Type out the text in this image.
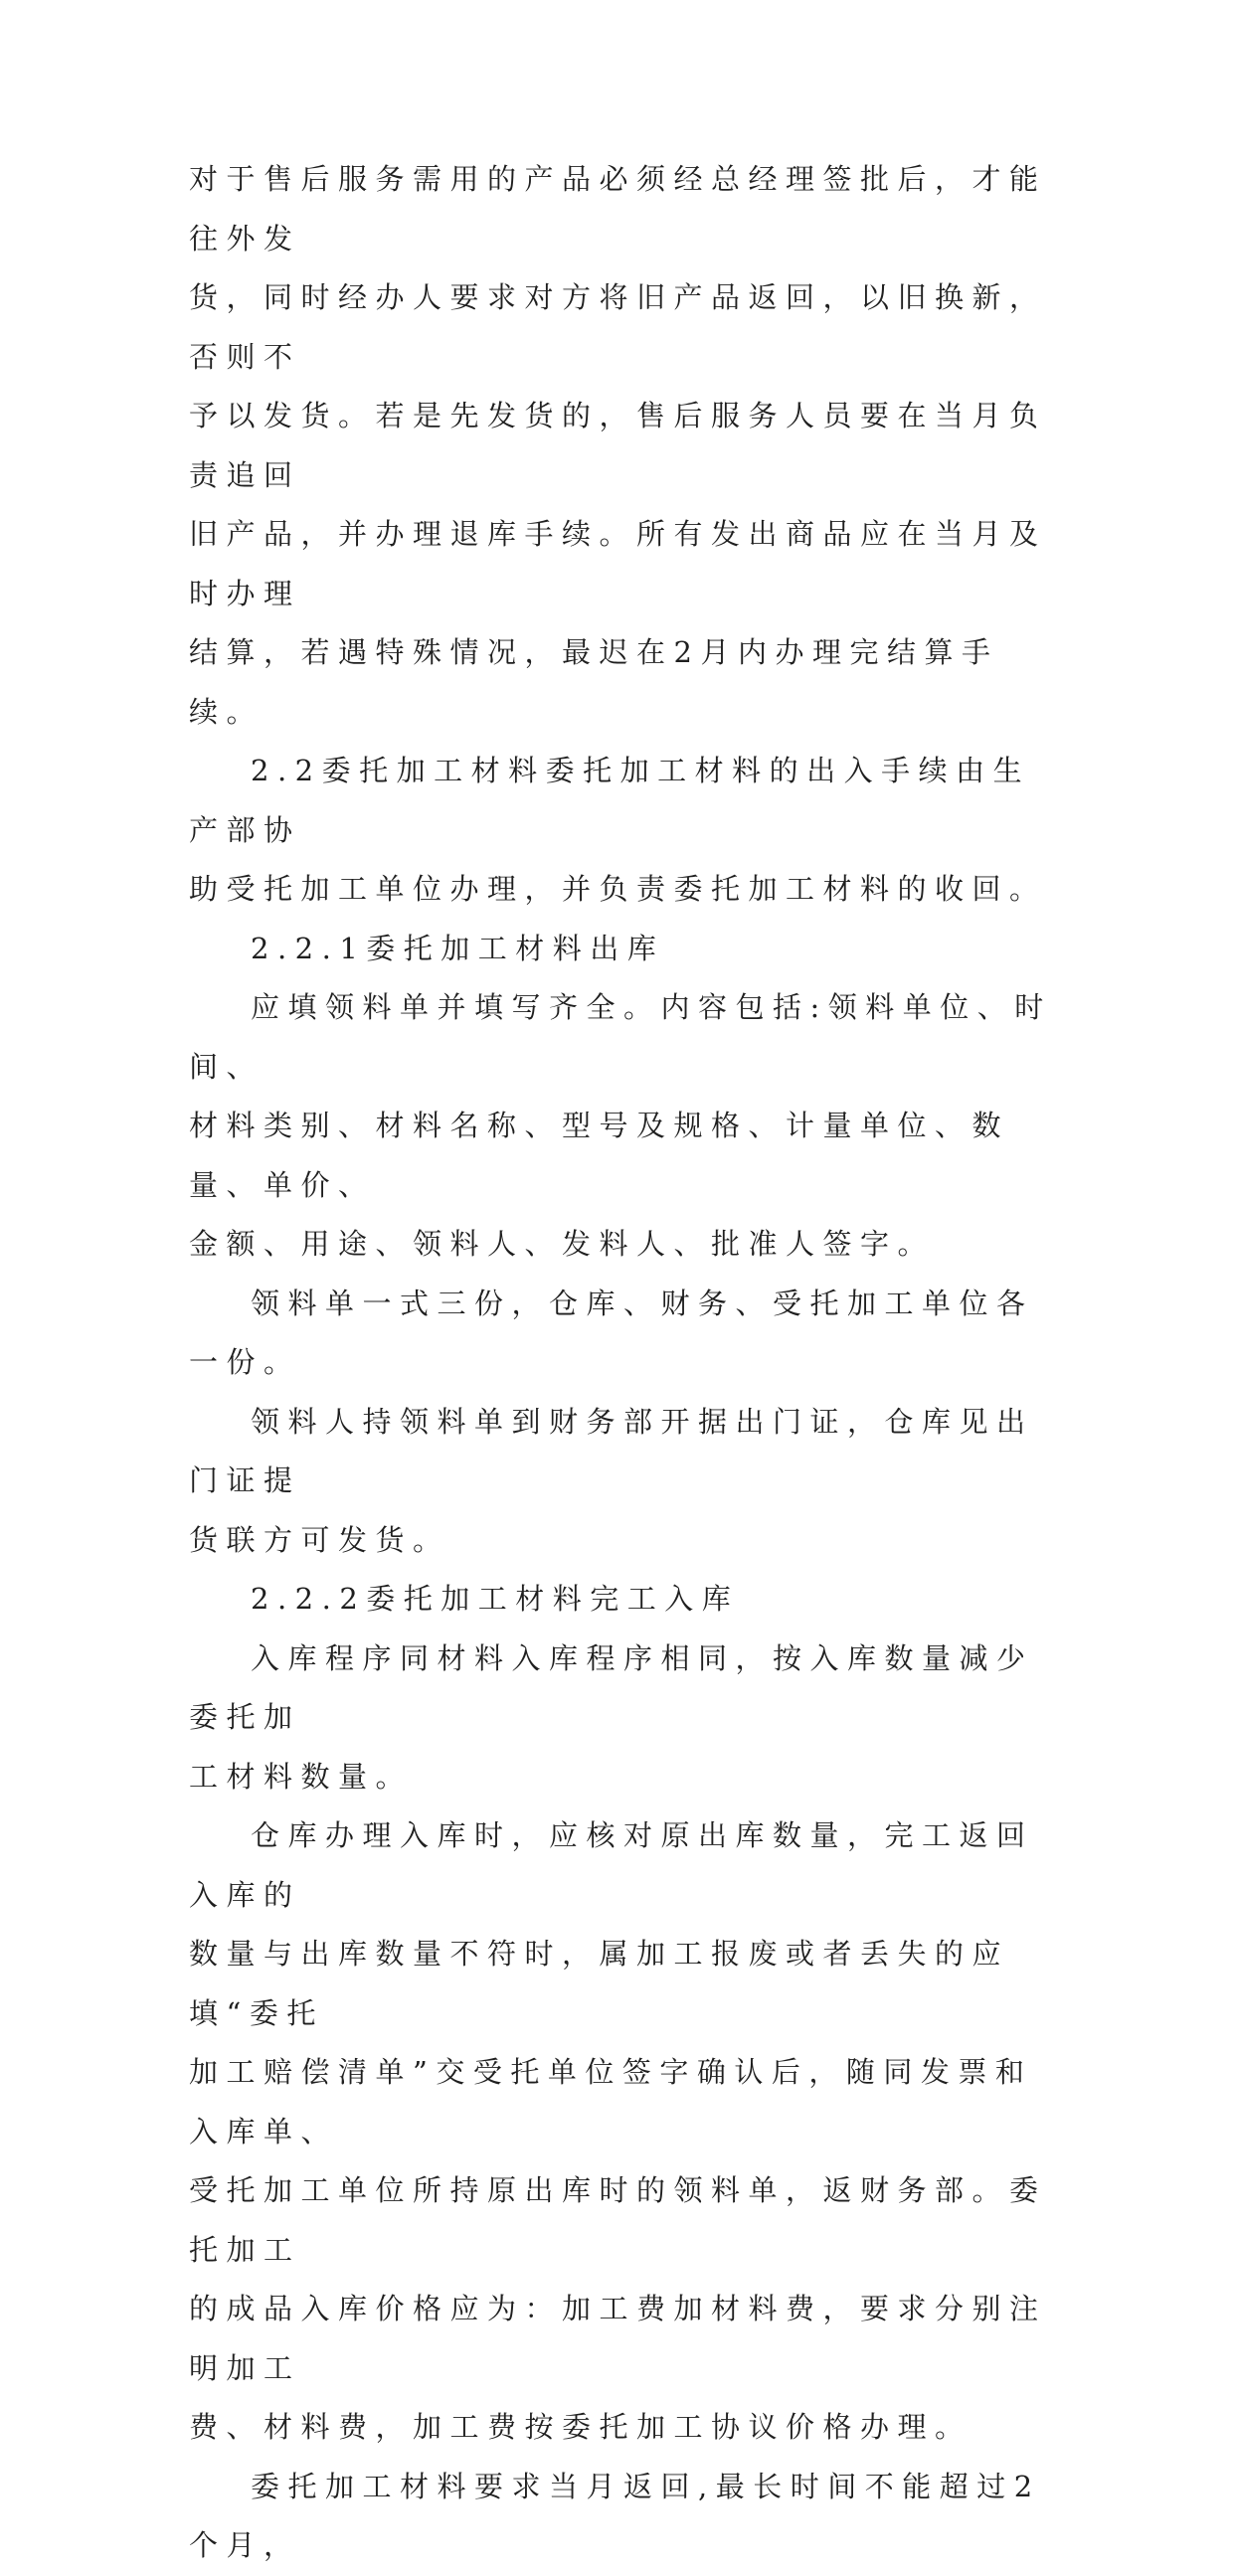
对于售后服务需用的产品必须经总经理签批后，才能往外发
货，同时经办人要求对方将旧产品返回，以旧换新，否则不
予以发货。若是先发货的，售后服务人员要在当月负责追回
旧产品，并办理退库手续。所有发出商品应在当月及时办理
结算，若遇特殊情况，最迟在2月内办理完结算手续。

2.2委托加工材料委托加工材料的出入手续由生产部协
助受托加工单位办理，并负责委托加工材料的收回。

2.2.1委托加工材料出库

应填领料单并填写齐全。内容包括:领料单位、时间、
材料类别、材料名称、型号及规格、计量单位、数量、单价、
金额、用途、领料人、发料人、批准人签字。

领料单一式三份，仓库、财务、受托加工单位各一份。

领料人持领料单到财务部开据出门证，仓库见出门证提
货联方可发货。

2.2.2委托加工材料完工入库

入库程序同材料入库程序相同，按入库数量减少委托加
工材料数量。

仓库办理入库时，应核对原出库数量，完工返回入库的
数量与出库数量不符时，属加工报废或者丢失的应填“委托
加工赔偿清单”交受托单位签字确认后，随同发票和入库单、
受托加工单位所持原出库时的领料单，返财务部。委托加工
的成品入库价格应为：加工费加材料费，要求分别注明加工
费、材料费，加工费按委托加工协议价格办理。

委托加工材料要求当月返回,最长时间不能超过2个月，
